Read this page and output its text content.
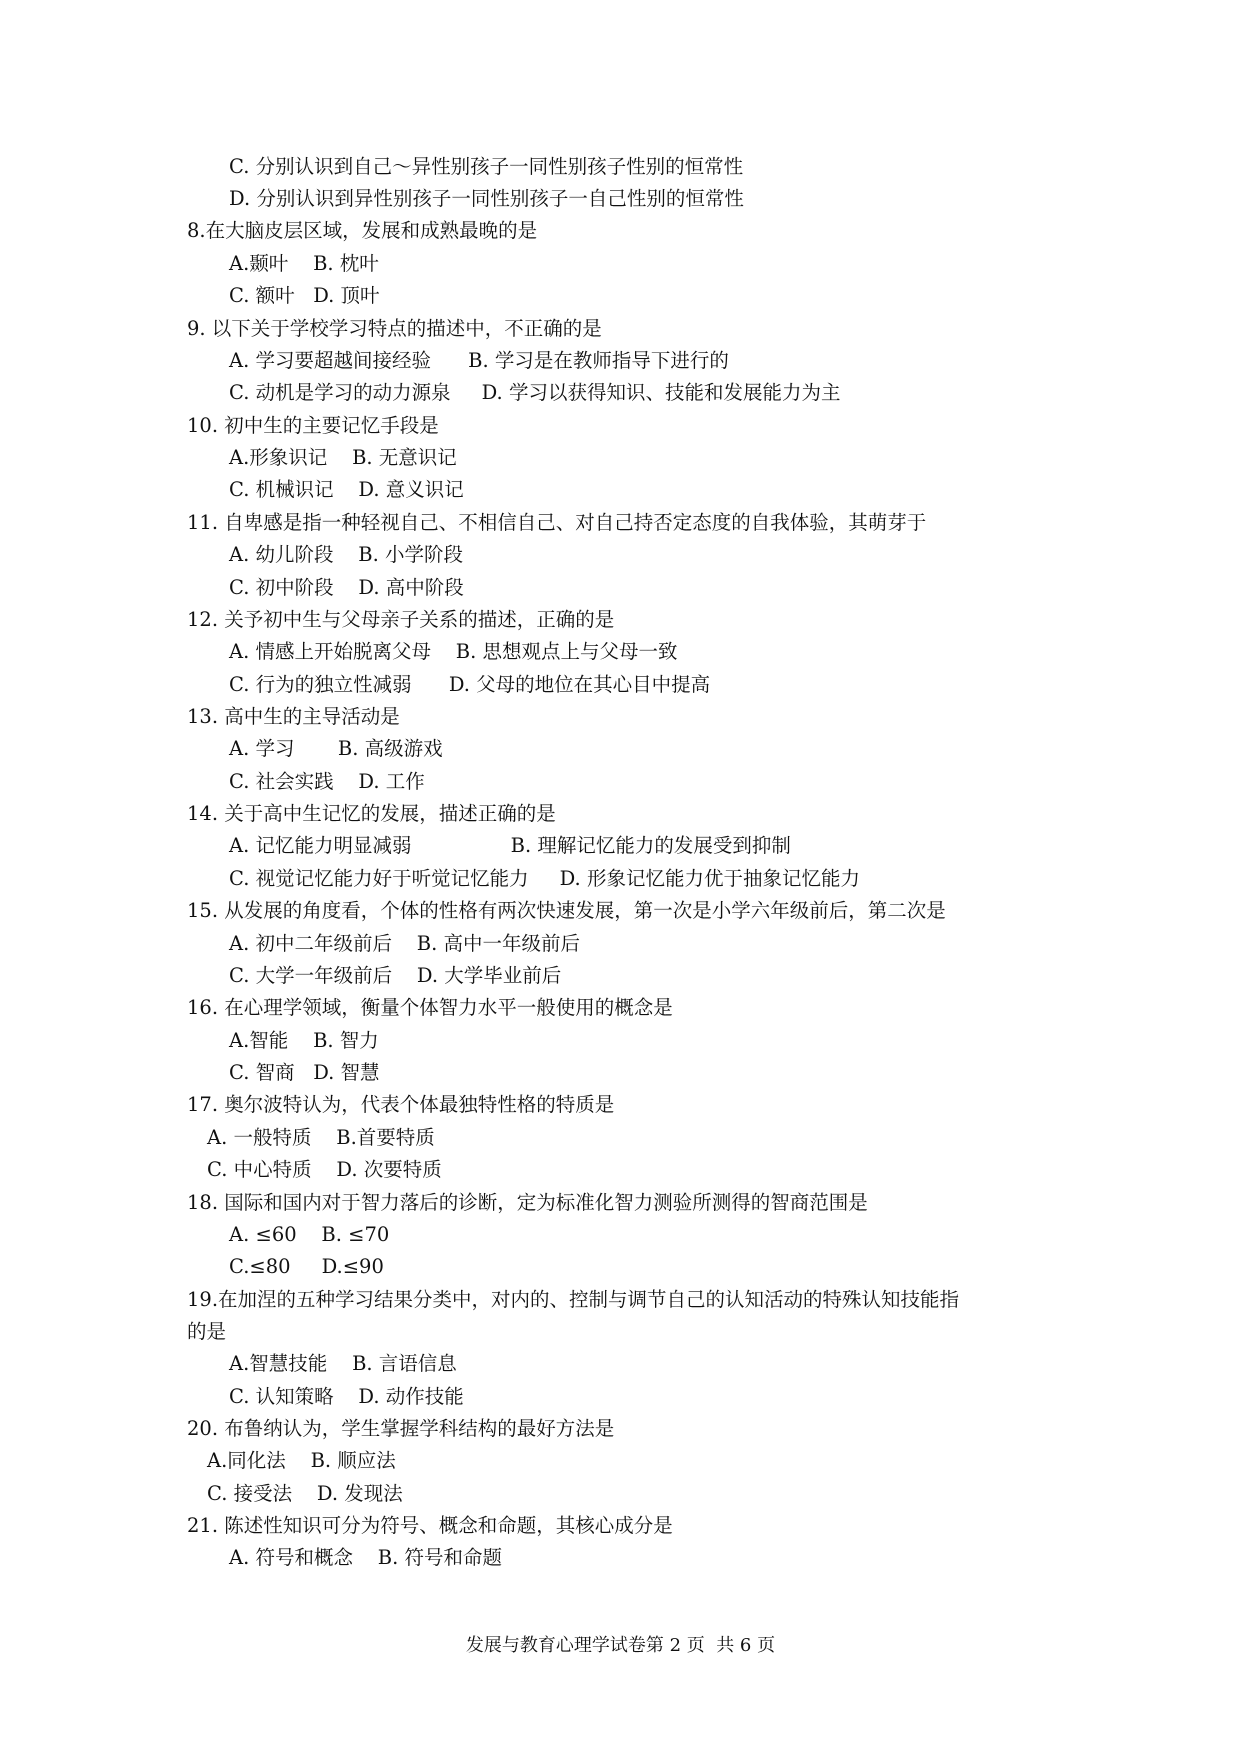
C. 分别认识到自己～异性别孩子一同性别孩子性别的恒常性
D. 分别认识到异性别孩子一同性别孩子一自己性别的恒常性
8.在大脑皮层区域，发展和成熟最晚的是
A.颞叶    B. 枕叶
C. 额叶   D. 顶叶
9. 以下关于学校学习特点的描述中，不正确的是
A. 学习要超越间接经验      B. 学习是在教师指导下进行的
C. 动机是学习的动力源泉     D. 学习以获得知识、技能和发展能力为主
10. 初中生的主要记忆手段是
A.形象识记    B. 无意识记
C. 机械识记    D. 意义识记
11. 自卑感是指一种轻视自己、不相信自己、对自己持否定态度的自我体验，其萌芽于
A. 幼儿阶段    B. 小学阶段
C. 初中阶段    D. 高中阶段
12. 关予初中生与父母亲子关系的描述，正确的是
A. 情感上开始脱离父母    B. 思想观点上与父母一致
C. 行为的独立性减弱      D. 父母的地位在其心目中提高
13. 高中生的主导活动是
A. 学习       B. 高级游戏
C. 社会实践    D. 工作
14. 关于高中生记忆的发展，描述正确的是
A. 记忆能力明显减弱                B. 理解记忆能力的发展受到抑制
C. 视觉记忆能力好于听觉记忆能力     D. 形象记忆能力优于抽象记忆能力
15. 从发展的角度看，个体的性格有两次快速发展，第一次是小学六年级前后，第二次是
A. 初中二年级前后    B. 高中一年级前后
C. 大学一年级前后    D. 大学毕业前后
16. 在心理学领域，衡量个体智力水平一般使用的概念是
A.智能    B. 智力
C. 智商   D. 智慧
17. 奥尔波特认为，代表个体最独特性格的特质是
A. 一般特质    B.首要特质
C. 中心特质    D. 次要特质
18. 国际和国内对于智力落后的诊断，定为标准化智力测验所测得的智商范围是
A. ≤60    B. ≤70
C.≤80     D.≤90
19.在加涅的五种学习结果分类中，对内的、控制与调节自己的认知活动的特殊认知技能指
的是
A.智慧技能    B. 言语信息
C. 认知策略    D. 动作技能
20. 布鲁纳认为，学生掌握学科结构的最好方法是
A.同化法    B. 顺应法
C. 接受法    D. 发现法
21. 陈述性知识可分为符号、概念和命题，其核心成分是
A. 符号和概念    B. 符号和命题
发展与教育心理学试卷第 2 页  共 6 页
